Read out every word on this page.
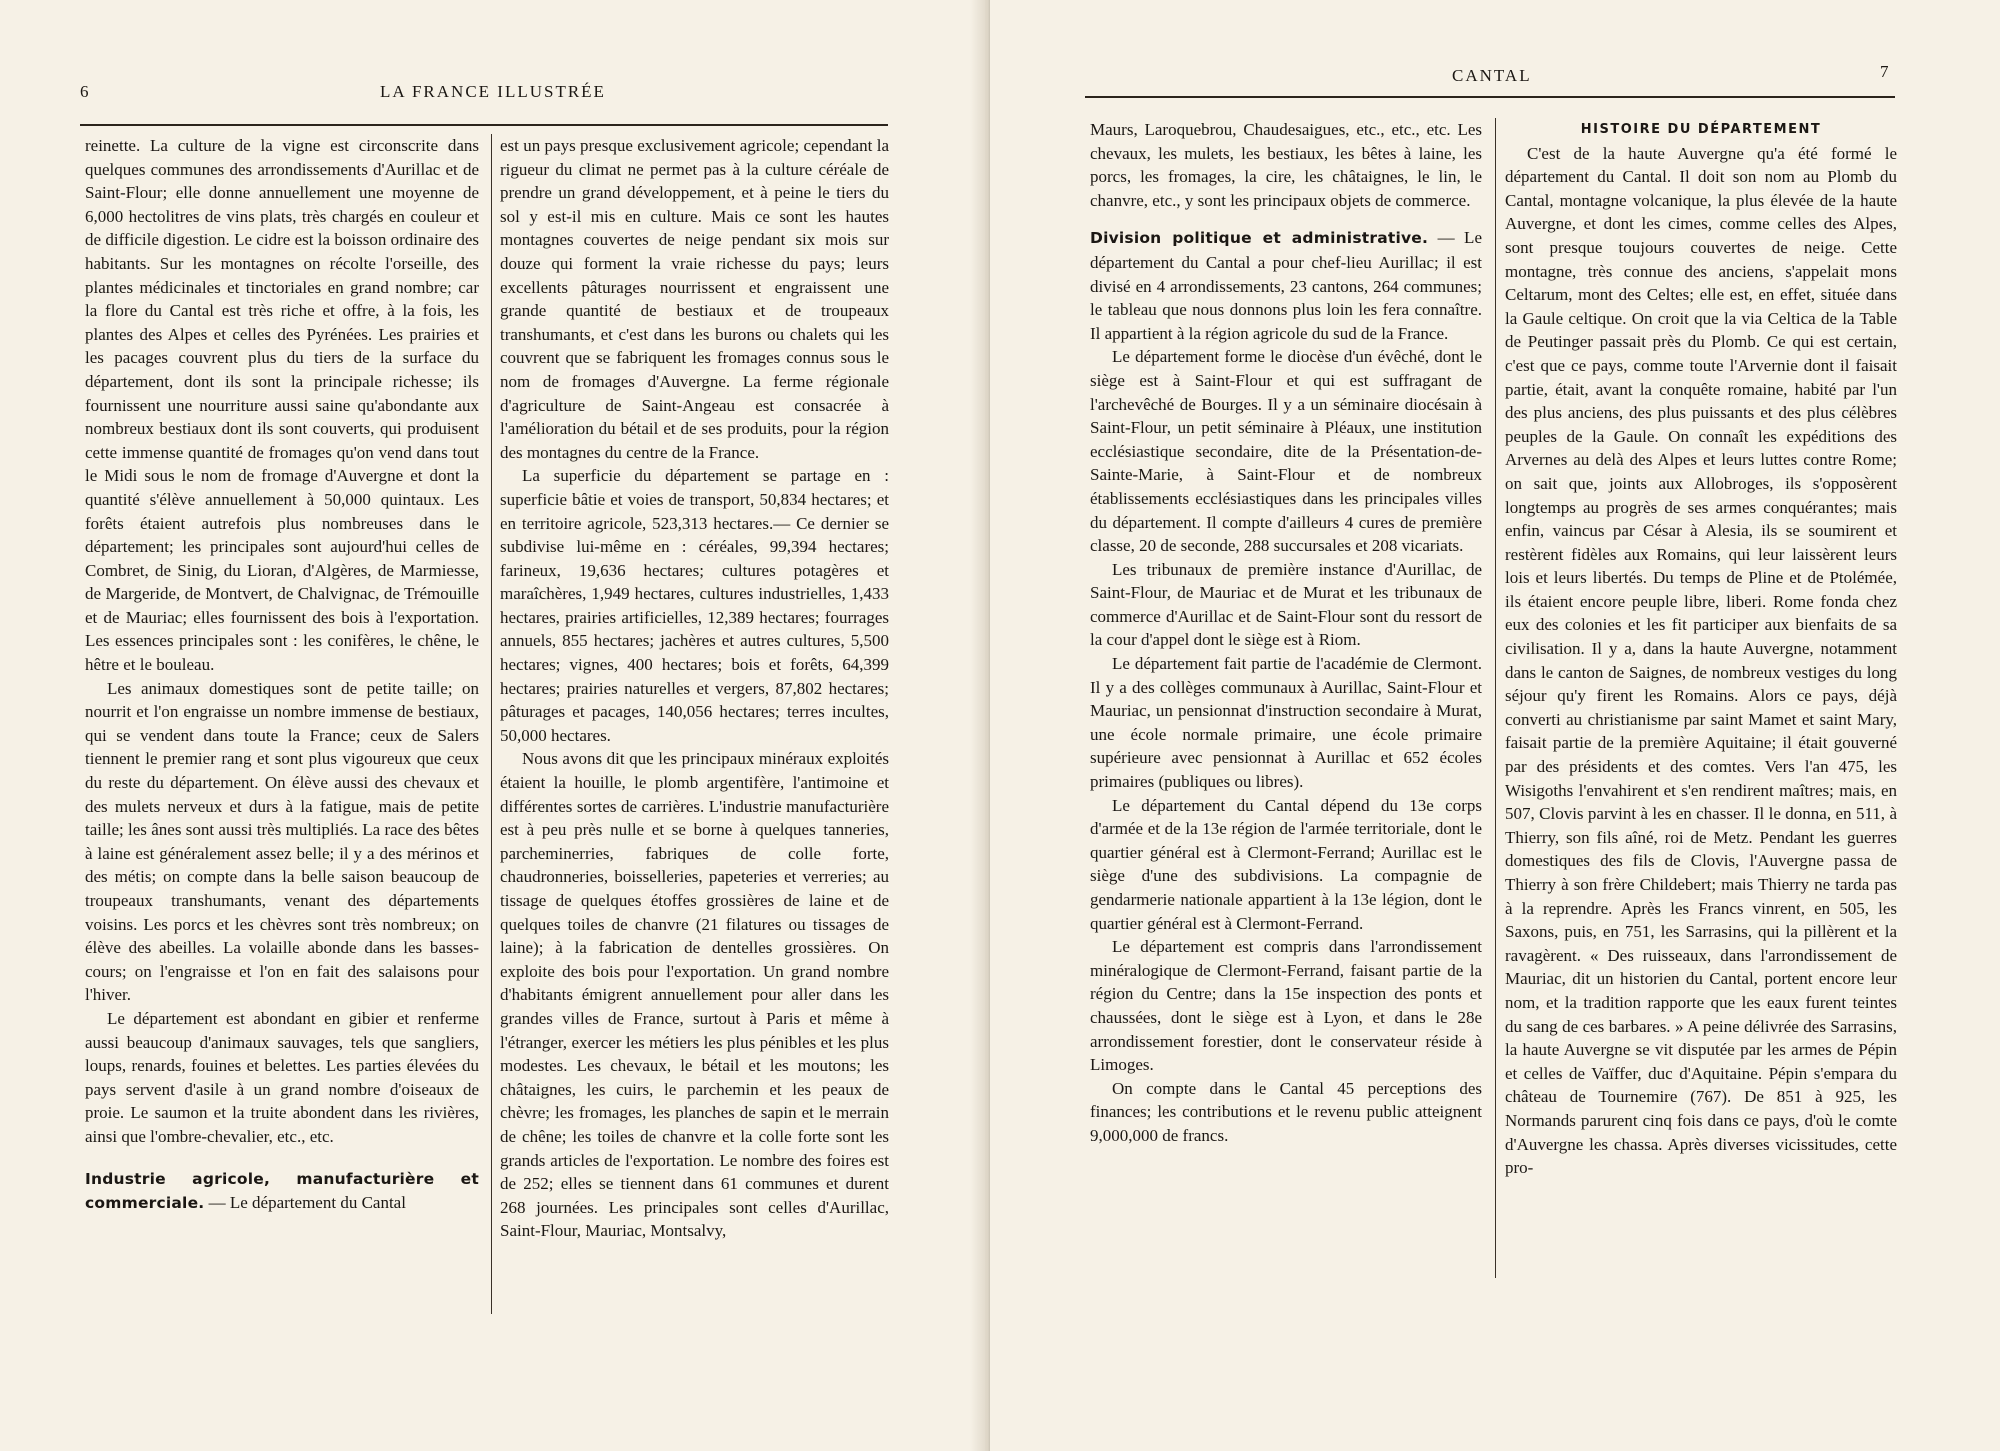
6	LA FRANCE ILLUSTRÉE

reinette. La culture de la vigne est circonscrite dans quelques communes des arrondissements d'Aurillac et de Saint-Flour; elle donne annuellement une moyenne de 6,000 hectolitres de vins plats, très chargés en couleur et de difficile digestion. Le cidre est la boisson ordinaire des habitants. Sur les montagnes on récolte l'orseille, des plantes médicinales et tinctoriales en grand nombre; car la flore du Cantal est très riche et offre, à la fois, les plantes des Alpes et celles des Pyrénées. Les prairies et les pacages couvrent plus du tiers de la surface du département, dont ils sont la principale richesse; ils fournissent une nourriture aussi saine qu'abondante aux nombreux bestiaux dont ils sont couverts, qui produisent cette immense quantité de fromages qu'on vend dans tout le Midi sous le nom de fromage d'Auvergne et dont la quantité s'élève annuellement à 50,000 quintaux. Les forêts étaient autrefois plus nombreuses dans le département; les principales sont aujourd'hui celles de Combret, de Sinig, du Lioran, d'Algères, de Marmiesse, de Margeride, de Montvert, de Chalvignac, de Trémouille et de Mauriac; elles fournissent des bois à l'exportation. Les essences principales sont : les conifères, le chêne, le hêtre et le bouleau.

Les animaux domestiques sont de petite taille; on nourrit et l'on engraisse un nombre immense de bestiaux, qui se vendent dans toute la France; ceux de Salers tiennent le premier rang et sont plus vigoureux que ceux du reste du département. On élève aussi des chevaux et des mulets nerveux et durs à la fatigue, mais de petite taille; les ânes sont aussi très multipliés. La race des bêtes à laine est généralement assez belle; il y a des mérinos et des métis; on compte dans la belle saison beaucoup de troupeaux transhumants, venant des départements voisins. Les porcs et les chèvres sont très nombreux; on élève des abeilles. La volaille abonde dans les basses-cours; on l'engraisse et l'on en fait des salaisons pour l'hiver.

Le département est abondant en gibier et renferme aussi beaucoup d'animaux sauvages, tels que sangliers, loups, renards, fouines et belettes. Les parties élevées du pays servent d'asile à un grand nombre d'oiseaux de proie. Le saumon et la truite abondent dans les rivières, ainsi que l'ombre-chevalier, etc., etc.

Industrie agricole, manufacturière et commerciale. — Le département du Cantal

est un pays presque exclusivement agricole; cependant la rigueur du climat ne permet pas à la culture céréale de prendre un grand développement, et à peine le tiers du sol y est-il mis en culture. Mais ce sont les hautes montagnes couvertes de neige pendant six mois sur douze qui forment la vraie richesse du pays; leurs excellents pâturages nourrissent et engraissent une grande quantité de bestiaux et de troupeaux transhumants, et c'est dans les burons ou chalets qui les couvrent que se fabriquent les fromages connus sous le nom de fromages d'Auvergne. La ferme régionale d'agriculture de Saint-Angeau est consacrée à l'amélioration du bétail et de ses produits, pour la région des montagnes du centre de la France.

La superficie du département se partage en : superficie bâtie et voies de transport, 50,834 hectares; et en territoire agricole, 523,313 hectares.— Ce dernier se subdivise lui-même en : céréales, 99,394 hectares; farineux, 19,636 hectares; cultures potagères et maraîchères, 1,949 hectares, cultures industrielles, 1,433 hectares, prairies artificielles, 12,389 hectares; fourrages annuels, 855 hectares; jachères et autres cultures, 5,500 hectares; vignes, 400 hectares; bois et forêts, 64,399 hectares; prairies naturelles et vergers, 87,802 hectares; pâturages et pacages, 140,056 hectares; terres incultes, 50,000 hectares.

Nous avons dit que les principaux minéraux exploités étaient la houille, le plomb argentifère, l'antimoine et différentes sortes de carrières. L'industrie manufacturière est à peu près nulle et se borne à quelques tanneries, parcheminerries, fabriques de colle forte, chaudronneries, boisselleries, papeteries et verreries; au tissage de quelques étoffes grossières de laine et de quelques toiles de chanvre (21 filatures ou tissages de laine); à la fabrication de dentelles grossières. On exploite des bois pour l'exportation. Un grand nombre d'habitants émigrent annuellement pour aller dans les grandes villes de France, surtout à Paris et même à l'étranger, exercer les métiers les plus pénibles et les plus modestes. Les chevaux, le bétail et les moutons; les châtaignes, les cuirs, le parchemin et les peaux de chèvre; les fromages, les planches de sapin et le merrain de chêne; les toiles de chanvre et la colle forte sont les grands articles de l'exportation. Le nombre des foires est de 252; elles se tiennent dans 61 communes et durent 268 journées. Les principales sont celles d'Aurillac, Saint-Flour, Mauriac, Montsalvy,

CANTAL	7

Maurs, Laroquebrou, Chaudesaigues, etc., etc., etc. Les chevaux, les mulets, les bestiaux, les bêtes à laine, les porcs, les fromages, la cire, les châtaignes, le lin, le chanvre, etc., y sont les principaux objets de commerce.

Division politique et administrative. — Le département du Cantal a pour chef-lieu Aurillac; il est divisé en 4 arrondissements, 23 cantons, 264 communes; le tableau que nous donnons plus loin les fera connaître. Il appartient à la région agricole du sud de la France.

Le département forme le diocèse d'un évêché, dont le siège est à Saint-Flour et qui est suffragant de l'archevêché de Bourges. Il y a un séminaire diocésain à Saint-Flour, un petit séminaire à Pléaux, une institution ecclésiastique secondaire, dite de la Présentation-de-Sainte-Marie, à Saint-Flour et de nombreux établissements ecclésiastiques dans les principales villes du département. Il compte d'ailleurs 4 cures de première classe, 20 de seconde, 288 succursales et 208 vicariats.

Les tribunaux de première instance d'Aurillac, de Saint-Flour, de Mauriac et de Murat et les tribunaux de commerce d'Aurillac et de Saint-Flour sont du ressort de la cour d'appel dont le siège est à Riom.

Le département fait partie de l'académie de Clermont. Il y a des collèges communaux à Aurillac, Saint-Flour et Mauriac, un pensionnat d'instruction secondaire à Murat, une école normale primaire, une école primaire supérieure avec pensionnat à Aurillac et 652 écoles primaires (publiques ou libres).

Le département du Cantal dépend du 13e corps d'armée et de la 13e région de l'armée territoriale, dont le quartier général est à Clermont-Ferrand; Aurillac est le siège d'une des subdivisions. La compagnie de gendarmerie nationale appartient à la 13e légion, dont le quartier général est à Clermont-Ferrand.

Le département est compris dans l'arrondissement minéralogique de Clermont-Ferrand, faisant partie de la région du Centre; dans la 15e inspection des ponts et chaussées, dont le siège est à Lyon, et dans le 28e arrondissement forestier, dont le conservateur réside à Limoges.

On compte dans le Cantal 45 perceptions des finances; les contributions et le revenu public atteignent 9,000,000 de francs.

HISTOIRE DU DÉPARTEMENT

C'est de la haute Auvergne qu'a été formé le département du Cantal. Il doit son nom au Plomb du Cantal, montagne volcanique, la plus élevée de la haute Auvergne, et dont les cimes, comme celles des Alpes, sont presque toujours couvertes de neige. Cette montagne, très connue des anciens, s'appelait mons Celtarum, mont des Celtes; elle est, en effet, située dans la Gaule celtique. On croit que la via Celtica de la Table de Peutinger passait près du Plomb. Ce qui est certain, c'est que ce pays, comme toute l'Arvernie dont il faisait partie, était, avant la conquête romaine, habité par l'un des plus anciens, des plus puissants et des plus célèbres peuples de la Gaule. On connaît les expéditions des Arvernes au delà des Alpes et leurs luttes contre Rome; on sait que, joints aux Allobroges, ils s'opposèrent longtemps au progrès de ses armes conquérantes; mais enfin, vaincus par César à Alesia, ils se soumirent et restèrent fidèles aux Romains, qui leur laissèrent leurs lois et leurs libertés. Du temps de Pline et de Ptolémée, ils étaient encore peuple libre, liberi. Rome fonda chez eux des colonies et les fit participer aux bienfaits de sa civilisation. Il y a, dans la haute Auvergne, notamment dans le canton de Saignes, de nombreux vestiges du long séjour qu'y firent les Romains. Alors ce pays, déjà converti au christianisme par saint Mamet et saint Mary, faisait partie de la première Aquitaine; il était gouverné par des présidents et des comtes. Vers l'an 475, les Wisigoths l'envahirent et s'en rendirent maîtres; mais, en 507, Clovis parvint à les en chasser. Il le donna, en 511, à Thierry, son fils aîné, roi de Metz. Pendant les guerres domestiques des fils de Clovis, l'Auvergne passa de Thierry à son frère Childebert; mais Thierry ne tarda pas à la reprendre. Après les Francs vinrent, en 505, les Saxons, puis, en 751, les Sarrasins, qui la pillèrent et la ravagèrent. « Des ruisseaux, dans l'arrondissement de Mauriac, dit un historien du Cantal, portent encore leur nom, et la tradition rapporte que les eaux furent teintes du sang de ces barbares. » A peine délivrée des Sarrasins, la haute Auvergne se vit disputée par les armes de Pépin et celles de Vaïffer, duc d'Aquitaine. Pépin s'empara du château de Tournemire (767). De 851 à 925, les Normands parurent cinq fois dans ce pays, d'où le comte d'Auvergne les chassa. Après diverses vicissitudes, cette pro-
